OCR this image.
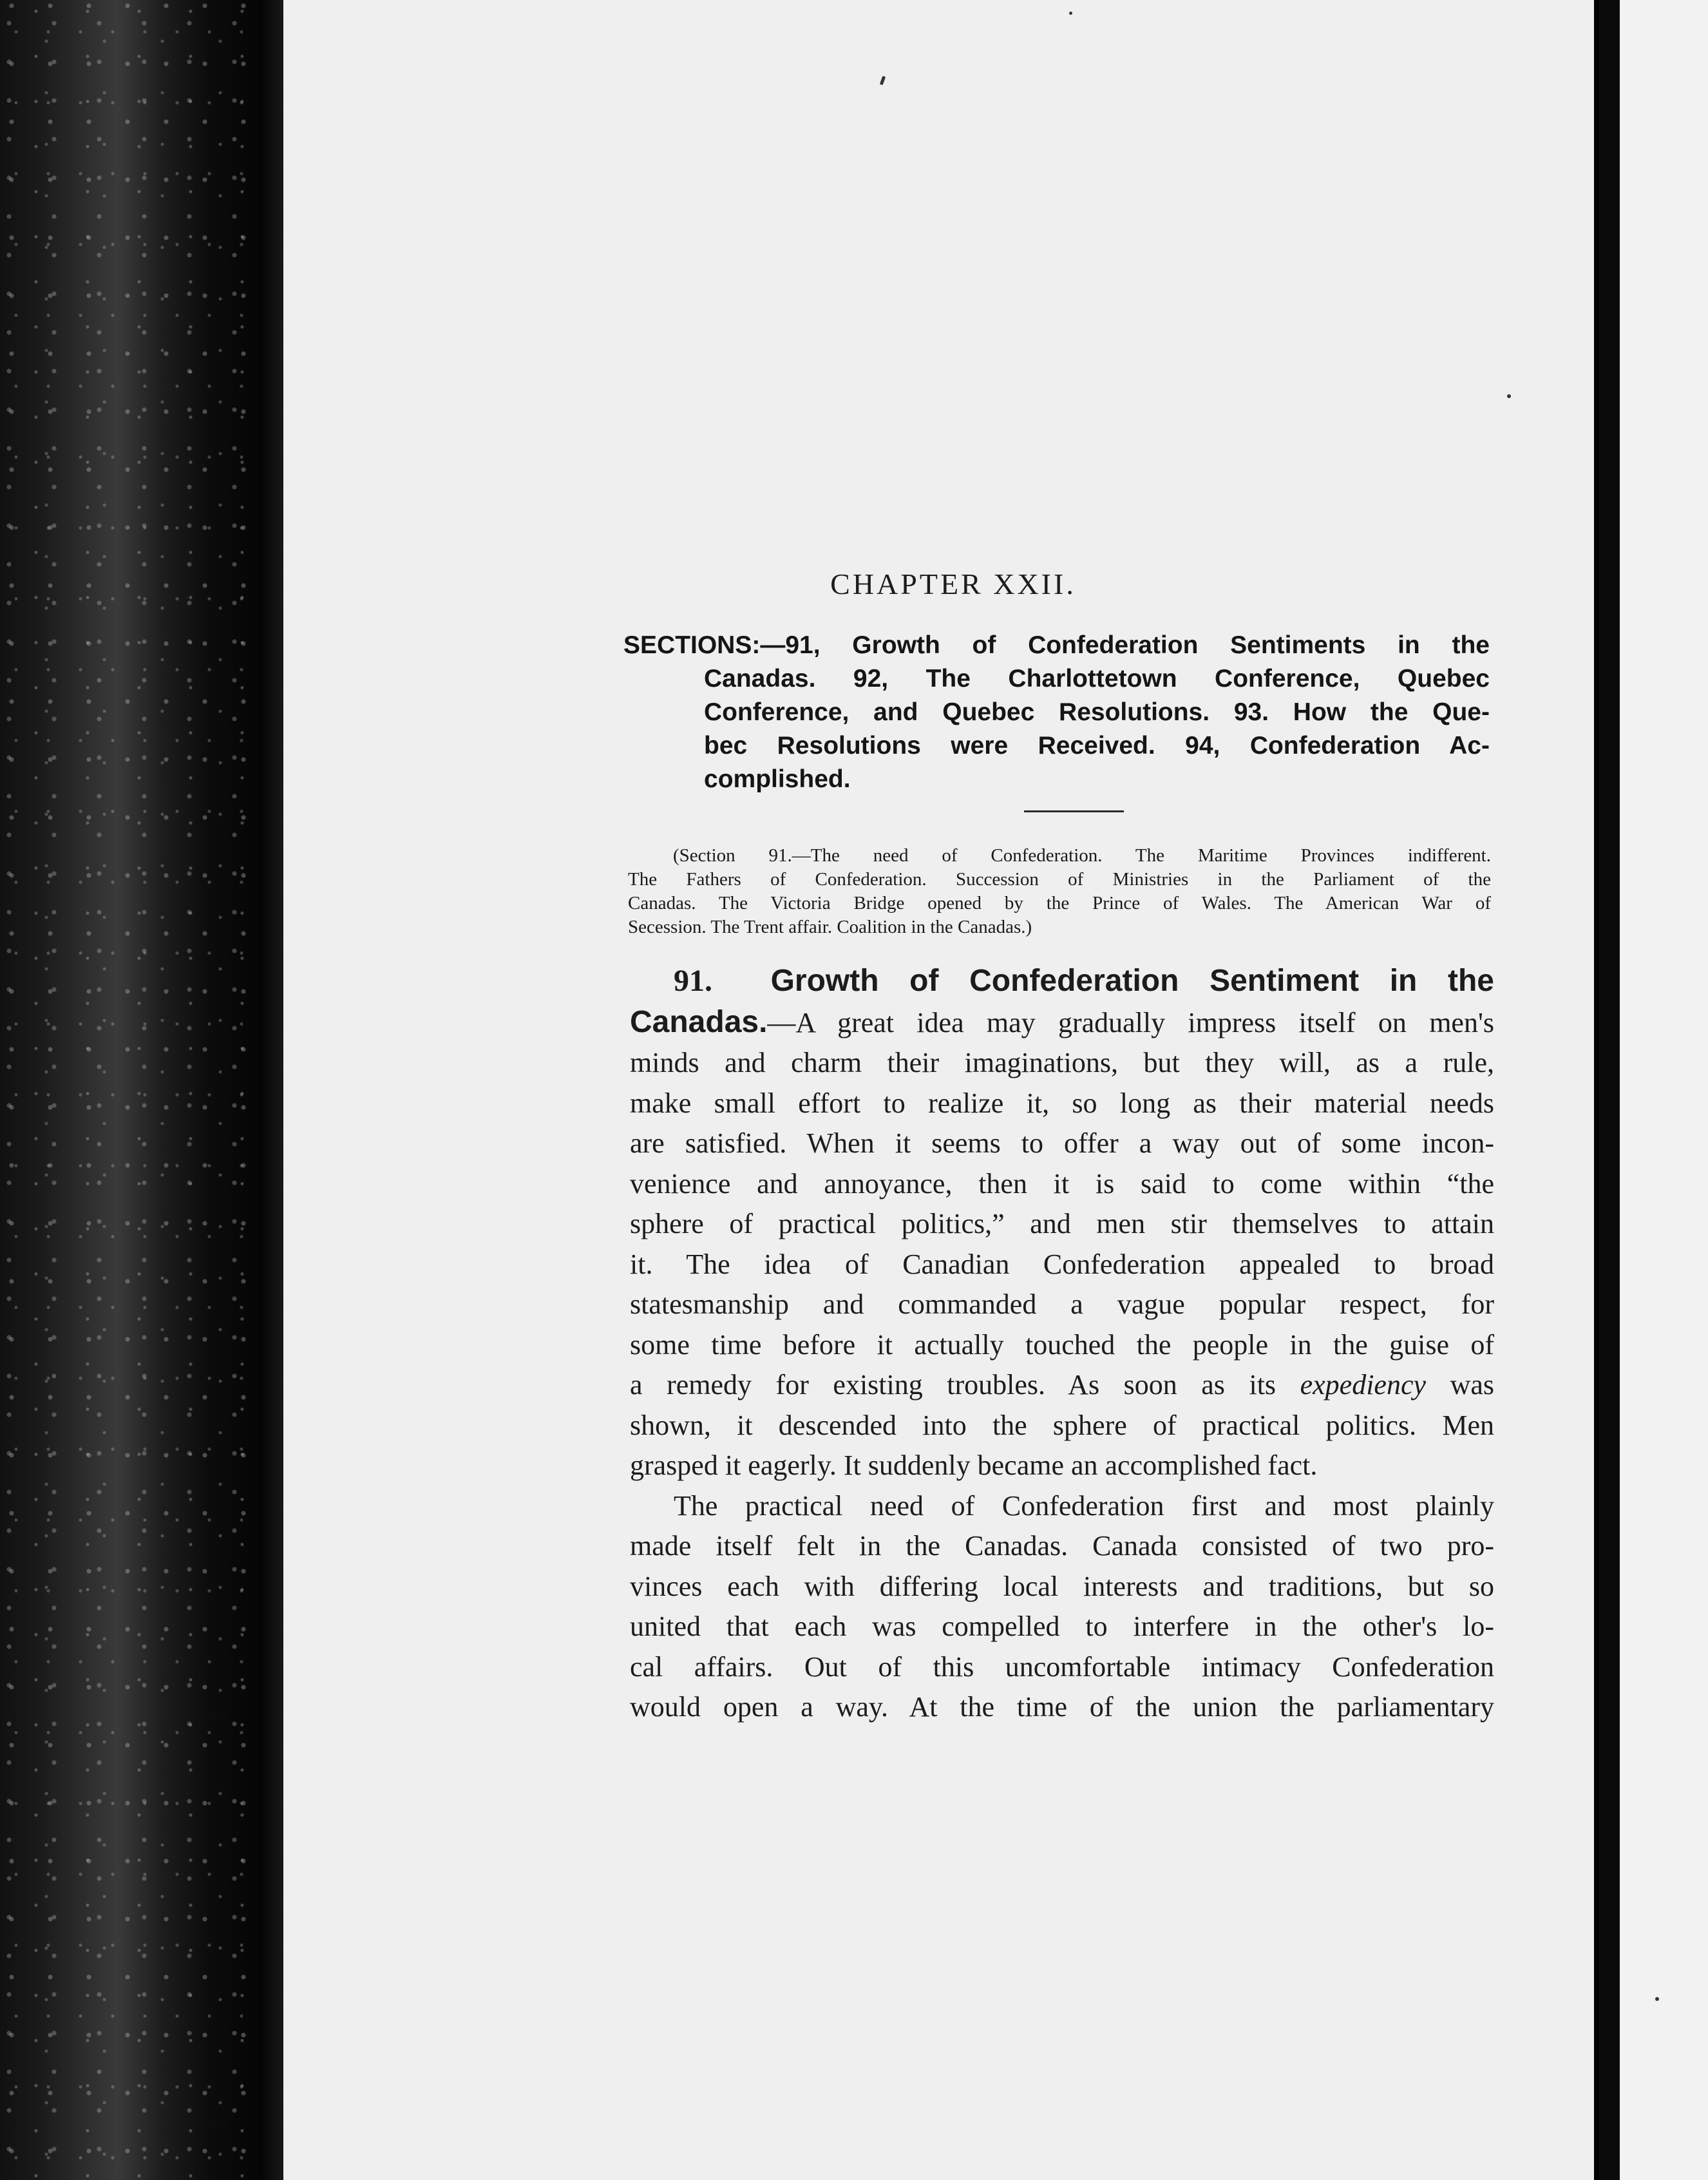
CHAPTER XXII.
SECTIONS:—91, Growth of Confederation Sentiments in the
Canadas. 92, The Charlottetown Conference, Quebec
Conference, and Quebec Resolutions. 93. How the Que-
bec Resolutions were Received. 94, Confederation Ac-
complished.
(Section 91.—The need of Confederation. The Maritime Provinces indifferent.
The Fathers of Confederation. Succession of Ministries in the Parliament of the
Canadas. The Victoria Bridge opened by the Prince of Wales. The American War of
Secession. The Trent affair. Coalition in the Canadas.)
91. Growth of Confederation Sentiment in the
Canadas.—A great idea may gradually impress itself on men's
minds and charm their imaginations, but they will, as a rule,
make small effort to realize it, so long as their material needs
are satisfied. When it seems to offer a way out of some incon-
venience and annoyance, then it is said to come within “the
sphere of practical politics,” and men stir themselves to attain
it. The idea of Canadian Confederation appealed to broad
statesmanship and commanded a vague popular respect, for
some time before it actually touched the people in the guise of
a remedy for existing troubles. As soon as its expediency was
shown, it descended into the sphere of practical politics. Men
grasped it eagerly. It suddenly became an accomplished fact.
The practical need of Confederation first and most plainly
made itself felt in the Canadas. Canada consisted of two pro-
vinces each with differing local interests and traditions, but so
united that each was compelled to interfere in the other's lo-
cal affairs. Out of this uncomfortable intimacy Confederation
would open a way. At the time of the union the parliamentary
